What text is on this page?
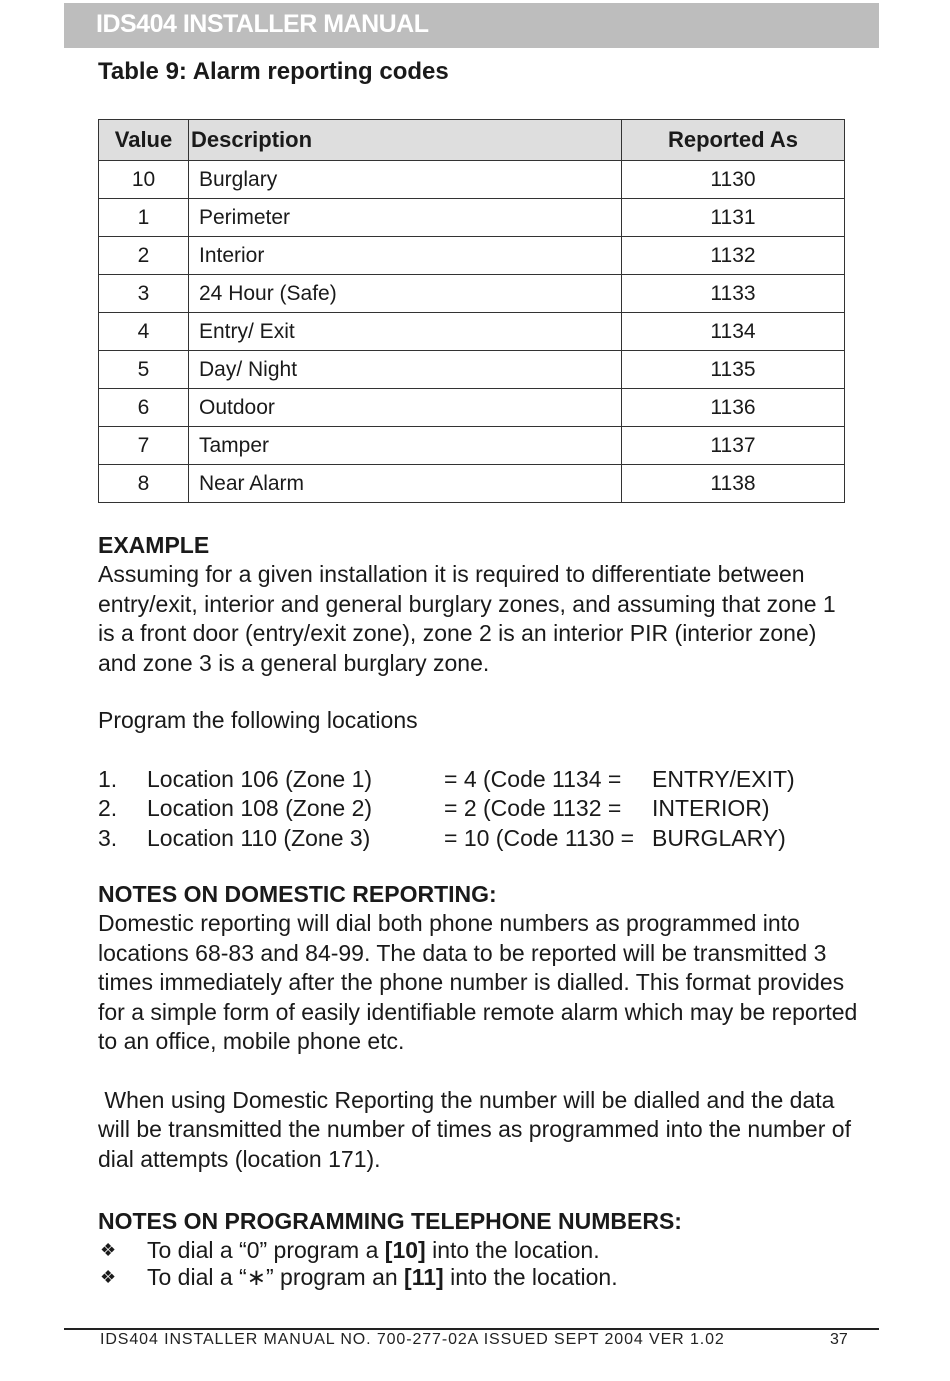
IDS404 INSTALLER MANUAL
Table 9: Alarm reporting codes
Value	Description	Reported As
10	Burglary	1130
1	Perimeter	1131
2	Interior	1132
3	24 Hour (Safe)	1133
4	Entry/ Exit	1134
5	Day/ Night	1135
6	Outdoor	1136
7	Tamper	1137
8	Near Alarm	1138
EXAMPLE
Assuming for a given installation it is required to differentiate between entry/exit, interior and general burglary zones, and assuming that zone 1 is a front door (entry/exit zone), zone 2 is an interior PIR (interior zone) and zone 3 is a general burglary zone.
Program the following locations
1. Location 106 (Zone 1)	= 4 (Code 1134 = ENTRY/EXIT)
2. Location 108 (Zone 2)	= 2 (Code 1132 = INTERIOR)
3. Location 110 (Zone 3)	= 10 (Code 1130 = BURGLARY)
NOTES ON DOMESTIC REPORTING:
Domestic reporting will dial both phone numbers as programmed into locations 68-83 and 84-99. The data to be reported will be transmitted 3 times immediately after the phone number is dialled. This format provides for a simple form of easily identifiable remote alarm which may be reported to an office, mobile phone etc.
When using Domestic Reporting the number will be dialled and the data will be transmitted the number of times as programmed into the number of dial attempts (location 171).
NOTES ON PROGRAMMING TELEPHONE NUMBERS:
❖ To dial a “0” program a [10] into the location.
❖ To dial a “∗” program an [11] into the location.
IDS404 INSTALLER MANUAL NO. 700-277-02A ISSUED SEPT 2004 VER 1.02	37
